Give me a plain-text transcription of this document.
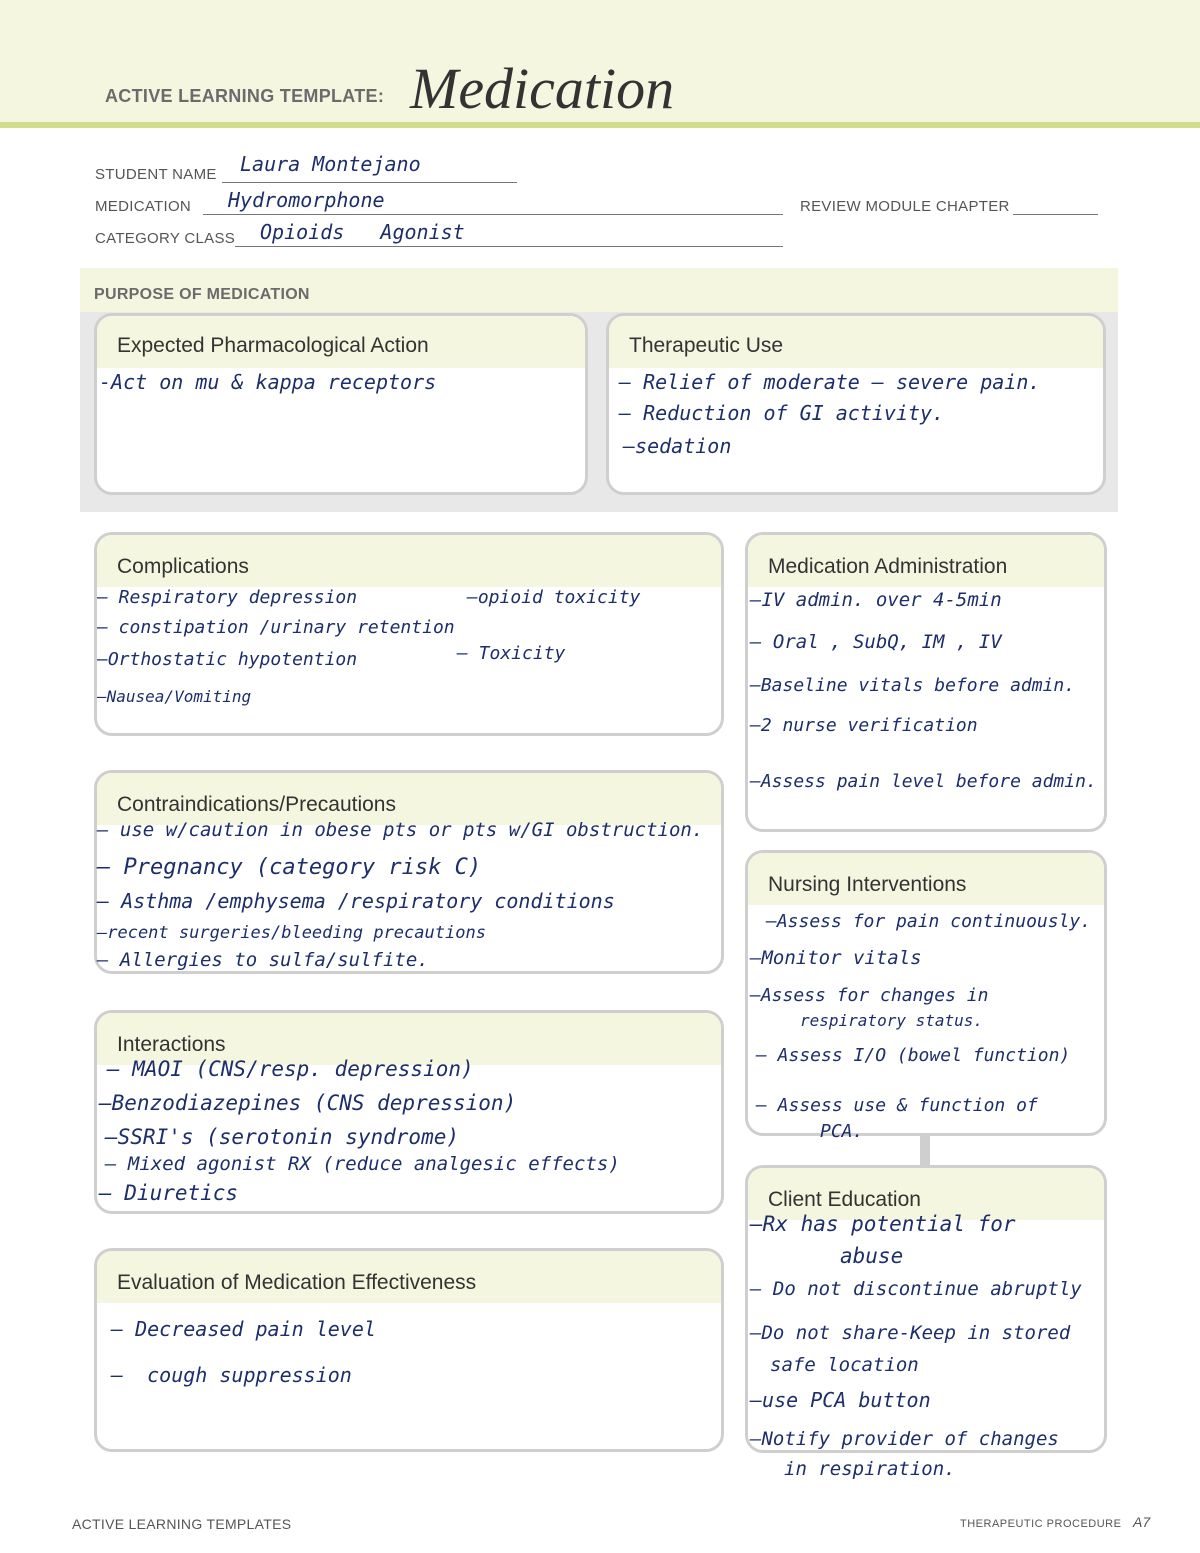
ACTIVE LEARNING TEMPLATE: Medication
STUDENT NAME Laura Montejano
MEDICATION Hydromorphone	REVIEW MODULE CHAPTER
CATEGORY CLASS Opioids   Agonist
PURPOSE OF MEDICATION
Expected Pharmacological Action
-Act on mu & kappa receptors
Therapeutic Use
– Relief of moderate – severe pain.
– Reduction of GI activity.
–sedation
Complications
– Respiratory depression
– constipation /urinary retention
–Orthostatic hypotention
–Nausea/Vomiting
–opioid toxicity
– Toxicity
Contraindications/Precautions
– use w/caution in obese pts or pts w/GI obstruction.
– Pregnancy (category risk C)
– Asthma /emphysema /respiratory conditions
–recent surgeries/bleeding precautions
– Allergies to sulfa/sulfite.
Interactions
– MAOI (CNS/resp. depression)
–Benzodiazepines (CNS depression)
–SSRI's (serotonin syndrome)
– Mixed agonist RX (reduce analgesic effects)
– Diuretics
Evaluation of Medication Effectiveness
– Decreased pain level
–  cough suppression
Medication Administration
–IV admin. over 4-5min
– Oral , SubQ, IM , IV
–Baseline vitals before admin.
–2 nurse verification
–Assess pain level before admin.
Nursing Interventions
–Assess for pain continuously.
–Monitor vitals
–Assess for changes in
respiratory status.
– Assess I/O (bowel function)
– Assess use & function of
PCA.
Client Education
–Rx has potential for
abuse
– Do not discontinue abruptly
–Do not share-Keep in stored
safe location
–use PCA button
–Notify provider of changes
in respiration.
ACTIVE LEARNING TEMPLATES	THERAPEUTIC PROCEDURE A7
